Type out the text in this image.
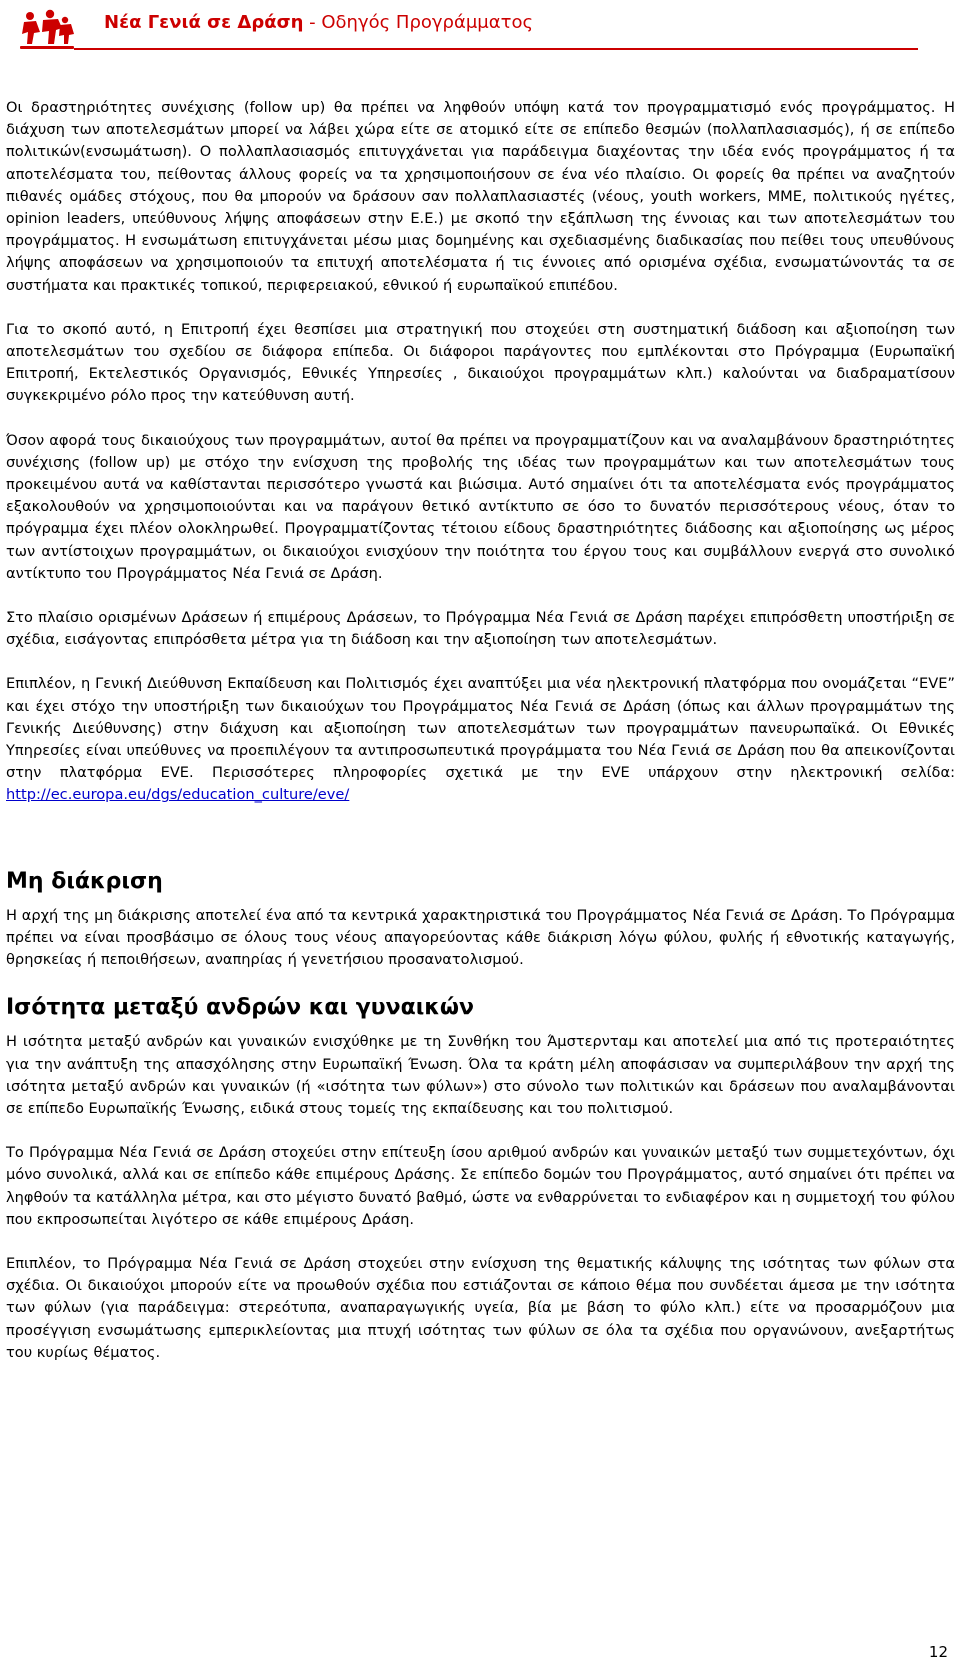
Νέα Γενιά σε Δράση - Οδηγός Προγράμματος

Οι δραστηριότητες συνέχισης (follow up) θα πρέπει να ληφθούν υπόψη κατά τον προγραμματισμό ενός προγράμματος. Η διάχυση των αποτελεσμάτων μπορεί να λάβει χώρα είτε σε ατομικό είτε σε επίπεδο θεσμών (πολλαπλασιασμός), ή σε επίπεδο πολιτικών(ενσωμάτωση). Ο πολλαπλασιασμός επιτυγχάνεται για παράδειγμα διαχέοντας την ιδέα ενός προγράμματος ή τα αποτελέσματα του, πείθοντας άλλους φορείς να τα χρησιμοποιήσουν σε ένα νέο πλαίσιο. Οι φορείς θα πρέπει να αναζητούν πιθανές ομάδες στόχους, που θα μπορούν να δράσουν σαν πολλαπλασιαστές (νέους, youth workers, ΜΜΕ, πολιτικούς ηγέτες, opinion leaders, υπεύθυνους λήψης αποφάσεων στην Ε.Ε.) με σκοπό την εξάπλωση της έννοιας και των αποτελεσμάτων του προγράμματος. Η ενσωμάτωση επιτυγχάνεται μέσω μιας δομημένης και σχεδιασμένης διαδικασίας που πείθει τους υπευθύνους λήψης αποφάσεων να χρησιμοποιούν τα επιτυχή αποτελέσματα ή τις έννοιες από ορισμένα σχέδια, ενσωματώνοντάς τα σε συστήματα και πρακτικές τοπικού, περιφερειακού, εθνικού ή ευρωπαϊκού επιπέδου.

Για το σκοπό αυτό, η Επιτροπή έχει θεσπίσει μια στρατηγική που στοχεύει στη συστηματική διάδοση και αξιοποίηση των αποτελεσμάτων του σχεδίου σε διάφορα επίπεδα. Οι διάφοροι παράγοντες που εμπλέκονται στο Πρόγραμμα (Ευρωπαϊκή Επιτροπή, Εκτελεστικός Οργανισμός, Εθνικές Υπηρεσίες , δικαιούχοι προγραμμάτων κλπ.) καλούνται να διαδραματίσουν συγκεκριμένο ρόλο προς την κατεύθυνση αυτή.

Όσον αφορά τους δικαιούχους των προγραμμάτων, αυτοί θα πρέπει να προγραμματίζουν και να αναλαμβάνουν δραστηριότητες συνέχισης (follow up) με στόχο την ενίσχυση της προβολής της ιδέας των προγραμμάτων και των αποτελεσμάτων τους προκειμένου αυτά να καθίστανται περισσότερο γνωστά και βιώσιμα. Αυτό σημαίνει ότι τα αποτελέσματα ενός προγράμματος εξακολουθούν να χρησιμοποιούνται και να παράγουν θετικό αντίκτυπο σε όσο το δυνατόν περισσότερους νέους, όταν το πρόγραμμα έχει πλέον ολοκληρωθεί. Προγραμματίζοντας τέτοιου είδους δραστηριότητες διάδοσης και αξιοποίησης ως μέρος των αντίστοιχων προγραμμάτων, οι δικαιούχοι ενισχύουν την ποιότητα του έργου τους και συμβάλλουν ενεργά στο συνολικό αντίκτυπο του Προγράμματος Νέα Γενιά σε Δράση.

Στο πλαίσιο ορισμένων Δράσεων ή επιμέρους Δράσεων, το Πρόγραμμα Νέα Γενιά σε Δράση παρέχει επιπρόσθετη υποστήριξη σε σχέδια, εισάγοντας επιπρόσθετα μέτρα για τη διάδοση και την αξιοποίηση των αποτελεσμάτων.

Επιπλέον, η Γενική Διεύθυνση Εκπαίδευση και Πολιτισμός έχει αναπτύξει μια νέα ηλεκτρονική πλατφόρμα που ονομάζεται “EVE” και έχει στόχο την υποστήριξη των δικαιούχων του Προγράμματος Νέα Γενιά σε Δράση (όπως και άλλων προγραμμάτων της Γενικής Διεύθυνσης) στην διάχυση και αξιοποίηση των αποτελεσμάτων των προγραμμάτων πανευρωπαϊκά. Οι Εθνικές Υπηρεσίες είναι υπεύθυνες να προεπιλέγουν τα αντιπροσωπευτικά προγράμματα του Νέα Γενιά σε Δράση που θα απεικονίζονται στην πλατφόρμα EVE. Περισσότερες πληροφορίες σχετικά με την EVE υπάρχουν στην ηλεκτρονική σελίδα: http://ec.europa.eu/dgs/education_culture/eve/

Μη διάκριση

Η αρχή της μη διάκρισης αποτελεί ένα από τα κεντρικά χαρακτηριστικά του Προγράμματος Νέα Γενιά σε Δράση. Το Πρόγραμμα πρέπει να είναι προσβάσιμο σε όλους τους νέους απαγορεύοντας κάθε διάκριση λόγω φύλου, φυλής ή εθνοτικής καταγωγής, θρησκείας ή πεποιθήσεων, αναπηρίας ή γενετήσιου προσανατολισμού.

Ισότητα μεταξύ ανδρών και γυναικών

Η ισότητα μεταξύ ανδρών και γυναικών ενισχύθηκε με τη Συνθήκη του Άμστερνταμ και αποτελεί μια από τις προτεραιότητες για την ανάπτυξη της απασχόλησης στην Ευρωπαϊκή Ένωση. Όλα τα κράτη μέλη αποφάσισαν να συμπεριλάβουν την αρχή της ισότητα μεταξύ ανδρών και γυναικών (ή «ισότητα των φύλων») στο σύνολο των πολιτικών και δράσεων που αναλαμβάνονται σε επίπεδο Ευρωπαϊκής Ένωσης, ειδικά στους τομείς της εκπαίδευσης και του πολιτισμού.

Το Πρόγραμμα Νέα Γενιά σε Δράση στοχεύει στην επίτευξη ίσου αριθμού ανδρών και γυναικών μεταξύ των συμμετεχόντων, όχι μόνο συνολικά, αλλά και σε επίπεδο κάθε επιμέρους Δράσης. Σε επίπεδο δομών του Προγράμματος, αυτό σημαίνει ότι πρέπει να ληφθούν τα κατάλληλα μέτρα, και στο μέγιστο δυνατό βαθμό, ώστε να ενθαρρύνεται το ενδιαφέρον και η συμμετοχή του φύλου που εκπροσωπείται λιγότερο σε κάθε επιμέρους Δράση.

Επιπλέον, το Πρόγραμμα Νέα Γενιά σε Δράση στοχεύει στην ενίσχυση της θεματικής κάλυψης της ισότητας των φύλων στα σχέδια. Οι δικαιούχοι μπορούν είτε να προωθούν σχέδια που εστιάζονται σε κάποιο θέμα που συνδέεται άμεσα με την ισότητα των φύλων (για παράδειγμα: στερεότυπα, αναπαραγωγικής υγεία, βία με βάση το φύλο κλπ.) είτε να προσαρμόζουν μια προσέγγιση ενσωμάτωσης εμπερικλείοντας μια πτυχή ισότητας των φύλων σε όλα τα σχέδια που οργανώνουν, ανεξαρτήτως του κυρίως θέματος.

12
